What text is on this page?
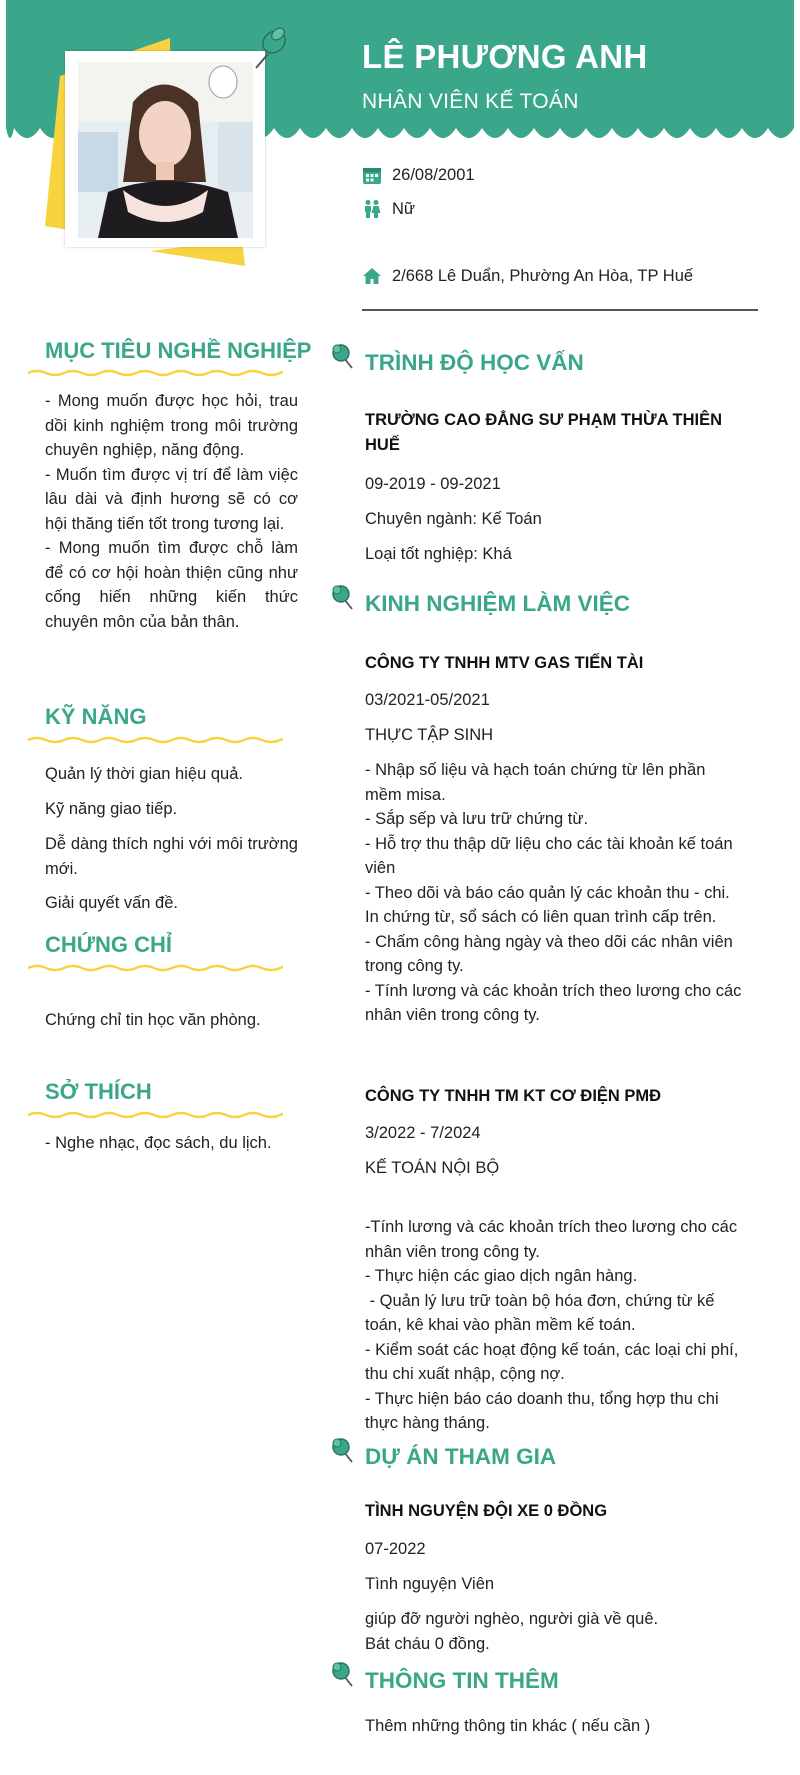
LÊ PHƯƠNG ANH
NHÂN VIÊN KẾ TOÁN
26/08/2001
Nữ
2/668 Lê Duẩn, Phường An Hòa, TP Huế
MỤC TIÊU NGHỀ NGHIỆP

- Mong muốn được học hỏi, trau dồi kinh nghiệm trong môi trường chuyên nghiệp, năng động.

- Muốn tìm được vị trí để làm việc lâu dài và định hương sẽ có cơ hội thăng tiến tốt trong tương lại.

- Mong muốn tìm được chỗ làm để có cơ hội hoàn thiện cũng như cống hiến những kiến thức chuyên môn của bản thân.

KỸ NĂNG
Quản lý thời gian hiệu quả.
Kỹ năng giao tiếp.
Dễ dàng thích nghi với môi trường mới.
Giải quyết vấn đề.
CHỨNG CHỈ
Chứng chỉ tin học văn phòng.
SỞ THÍCH
- Nghe nhạc, đọc sách, du lịch.
TRÌNH ĐỘ HỌC VẤN
TRƯỜNG CAO ĐẲNG SƯ PHẠM THỪA THIÊN HUẾ
09-2019 - 09-2021
Chuyên ngành: Kế Toán
Loại tốt nghiệp: Khá
KINH NGHIỆM LÀM VIỆC
CÔNG TY TNHH MTV GAS TIẾN TÀI
03/2021-05/2021
THỰC TẬP SINH

- Nhập số liệu và hạch toán chứng từ lên phần mềm misa.

- Sắp sếp và lưu trữ chứng từ.

- Hỗ trợ thu thập dữ liệu cho các tài khoản kế toán viên

- Theo dõi và báo cáo quản lý các khoản thu - chi.

In chứng từ, sổ sách có liên quan trình cấp trên.

- Chấm công hàng ngày và theo dõi các nhân viên trong công ty.

- Tính lương và các khoản trích theo lương cho các nhân viên trong công ty.

CÔNG TY TNHH TM KT CƠ ĐIỆN PMĐ
3/2022 - 7/2024
KẾ TOÁN NỘI BỘ

-Tính lương và các khoản trích theo lương cho các nhân viên trong công ty.

- Thực hiện các giao dịch ngân hàng.

- Quản lý lưu trữ toàn bộ hóa đơn, chứng từ kế toán, kê khai vào phần mềm kế toán.

- Kiểm soát các hoạt động kế toán, các loại chi phí, thu chi xuất nhập, cộng nợ.

- Thực hiện báo cáo doanh thu, tổng hợp thu chi thực hàng tháng.

DỰ ÁN THAM GIA
TÌNH NGUYỆN ĐỘI XE 0 ĐỒNG
07-2022
Tình nguyện Viên

giúp đỡ người nghèo, người già về quê.

Bát cháu 0 đồng.

THÔNG TIN THÊM
Thêm những thông tin khác ( nếu cần )
